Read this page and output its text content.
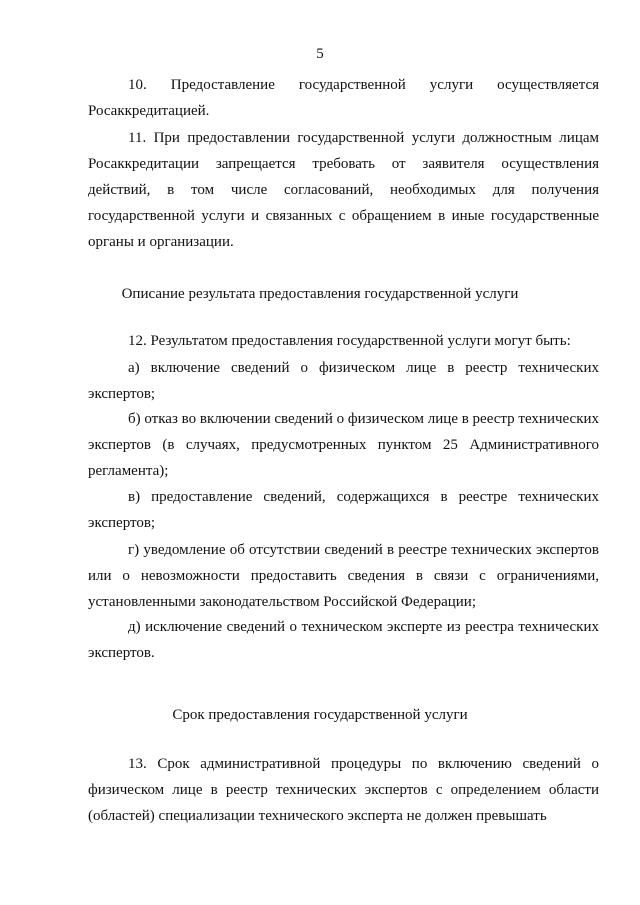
5

10. Предоставление государственной услуги осуществляется Росаккредитацией.

11. При предоставлении государственной услуги должностным лицам Росаккредитации запрещается требовать от заявителя осуществления действий, в том числе согласований, необходимых для получения государственной услуги и связанных с обращением в иные государственные органы и организации.

Описание результата предоставления государственной услуги

12. Результатом предоставления государственной услуги могут быть:

а) включение сведений о физическом лице в реестр технических экспертов;

б) отказ во включении сведений о физическом лице в реестр технических экспертов (в случаях, предусмотренных пунктом 25 Административного регламента);

в) предоставление сведений, содержащихся в реестре технических экспертов;

г) уведомление об отсутствии сведений в реестре технических экспертов или о невозможности предоставить сведения в связи с ограничениями, установленными законодательством Российской Федерации;

д) исключение сведений о техническом эксперте из реестра технических экспертов.

Срок предоставления государственной услуги

13. Срок административной процедуры по включению сведений о физическом лице в реестр технических экспертов с определением области (областей) специализации технического эксперта не должен превышать
